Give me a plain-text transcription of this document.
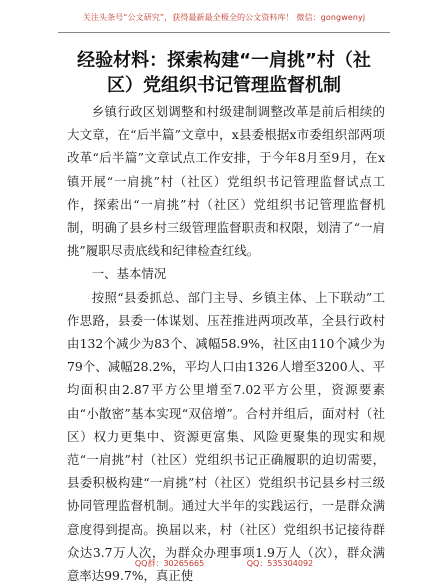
关注头条号“公文研究”，获得最新最全极全的公文资料库！ 微信：gongwenyj
经验材料：探索构建“一肩挑”村（社区）党组织书记管理监督机制

乡镇行政区划调整和村级建制调整改革是前后相续的大文章，在“后半篇”文章中，x县委根据x市委组织部两项改革“后半篇”文章试点工作安排，于今年8月至9月，在x镇开展“一肩挑”村（社区）党组织书记管理监督试点工作，探索出“一肩挑”村（社区）党组织书记管理监督机制，明确了县乡村三级管理监督职责和权限，划清了“一肩挑”履职尽责底线和纪律检查红线。

一、基本情况

按照“县委抓总、部门主导、乡镇主体、上下联动”工作思路，县委一体谋划、压茬推进两项改革，全县行政村由132个减少为83个、减幅58.9%，社区由110个减少为79个、减幅28.2%，平均人口由1326人增至3200人、平均面积由2.87平方公里增至7.02平方公里，资源要素由“小散密”基本实现“双倍增”。合村并组后，面对村（社区）权力更集中、资源更富集、风险更聚集的现实和规范“一肩挑”村（社区）党组织书记正确履职的迫切需要，县委积极构建“一肩挑”村（社区）党组织书记县乡村三级协同管理监督机制。通过大半年的实践运行，一是群众满意度得到提高。换届以来，村（社区）党组织书记接待群众达3.7万人次，为群众办理事项1.9万人（次），群众满意率达99.7%，真正使

QQ群：30265665	QQ：535304092
